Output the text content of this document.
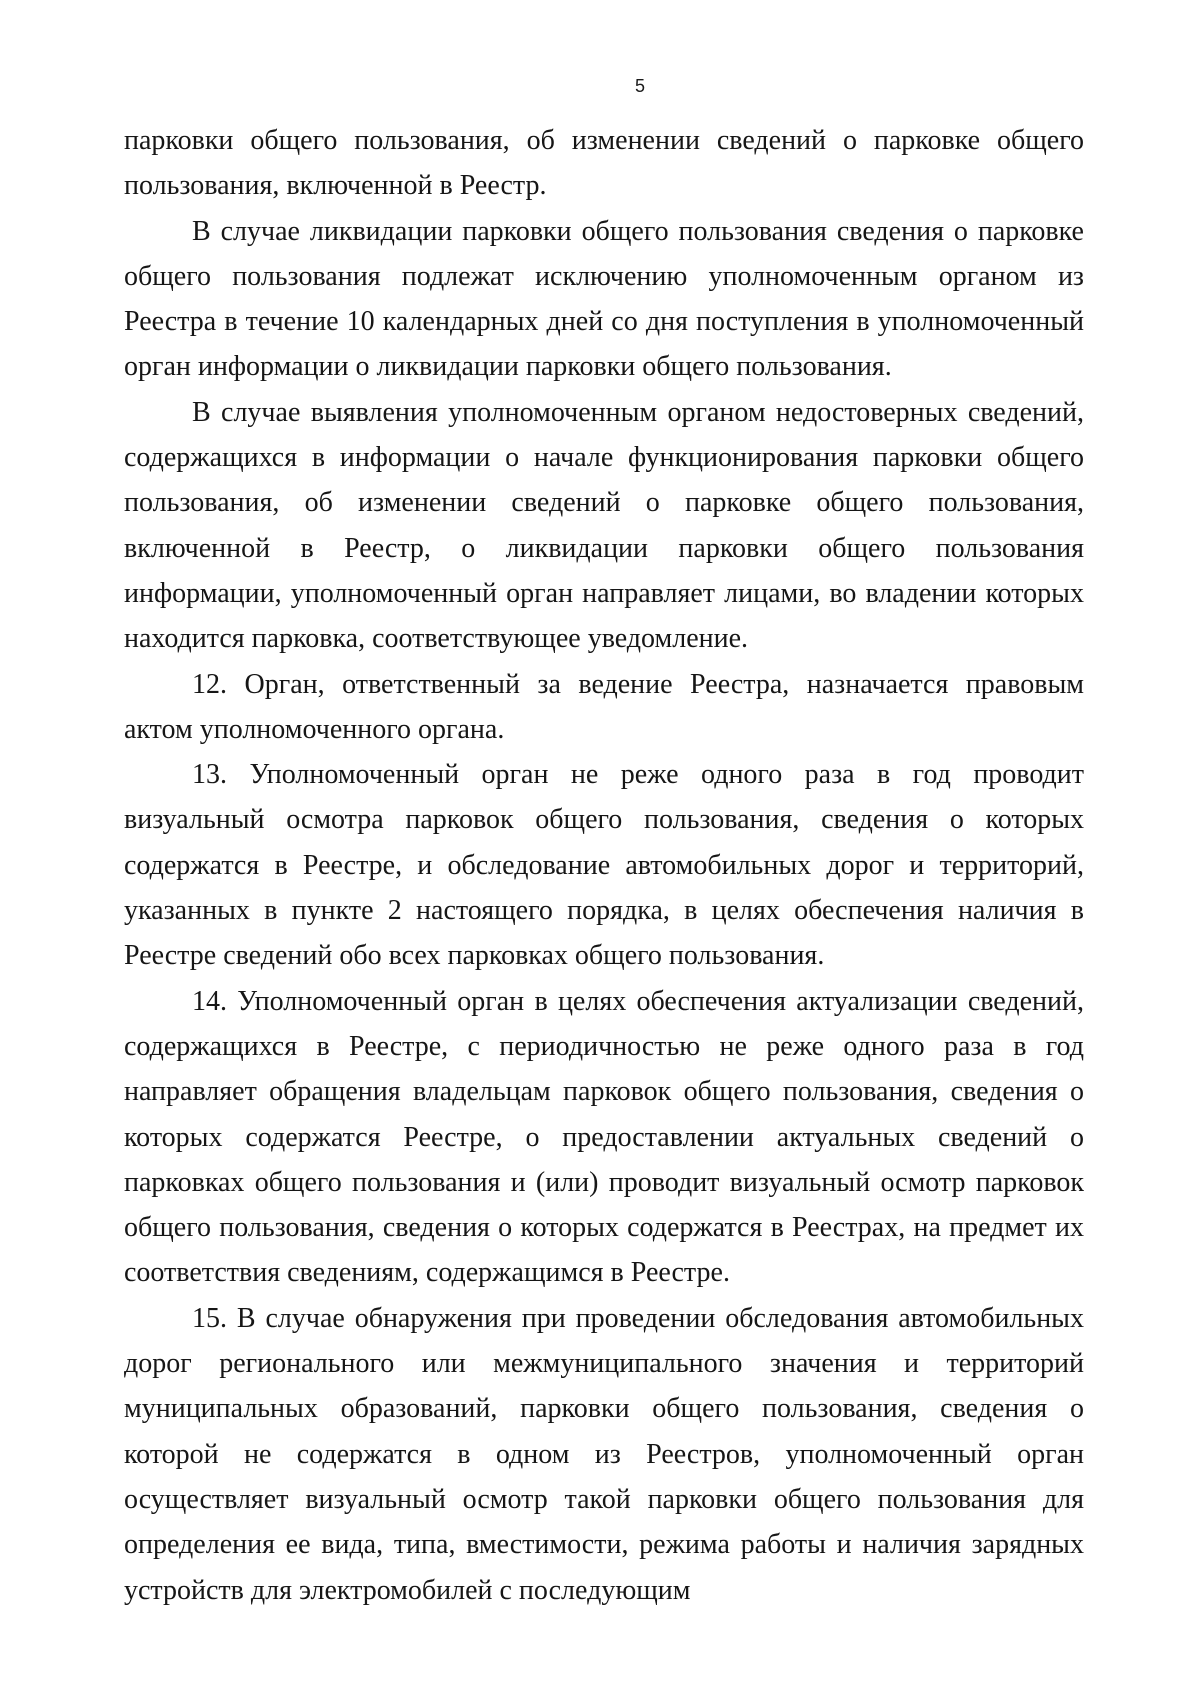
5

парковки общего пользования, об изменении сведений о парковке общего пользования, включенной в Реестр.

В случае ликвидации парковки общего пользования сведения о парковке общего пользования подлежат исключению уполномоченным органом из Реестра в течение 10 календарных дней со дня поступления в уполномоченный орган информации о ликвидации парковки общего пользования.

В случае выявления уполномоченным органом недостоверных сведений, содержащихся в информации о начале функционирования парковки общего пользования, об изменении сведений о парковке общего пользования, включенной в Реестр, о ликвидации парковки общего пользования информации, уполномоченный орган направляет лицами, во владении которых находится парковка, соответствующее уведомление.

12. Орган, ответственный за ведение Реестра, назначается правовым актом уполномоченного органа.

13. Уполномоченный орган не реже одного раза в год проводит визуальный осмотра парковок общего пользования, сведения о которых содержатся в Реестре, и обследование автомобильных дорог и территорий, указанных в пункте 2 настоящего порядка, в целях обеспечения наличия в Реестре сведений обо всех парковках общего пользования.

14. Уполномоченный орган в целях обеспечения актуализации сведений, содержащихся в Реестре, с периодичностью не реже одного раза в год направляет обращения владельцам парковок общего пользования, сведения о которых содержатся Реестре, о предоставлении актуальных сведений о парковках общего пользования и (или) проводит визуальный осмотр парковок общего пользования, сведения о которых содержатся в Реестрах, на предмет их соответствия сведениям, содержащимся в Реестре.

15. В случае обнаружения при проведении обследования автомобильных дорог регионального или межмуниципального значения и территорий муниципальных образований, парковки общего пользования, сведения о которой не содержатся в одном из Реестров, уполномоченный орган осуществляет визуальный осмотр такой парковки общего пользования для определения ее вида, типа, вместимости, режима работы и наличия зарядных устройств для электромобилей с последующим
